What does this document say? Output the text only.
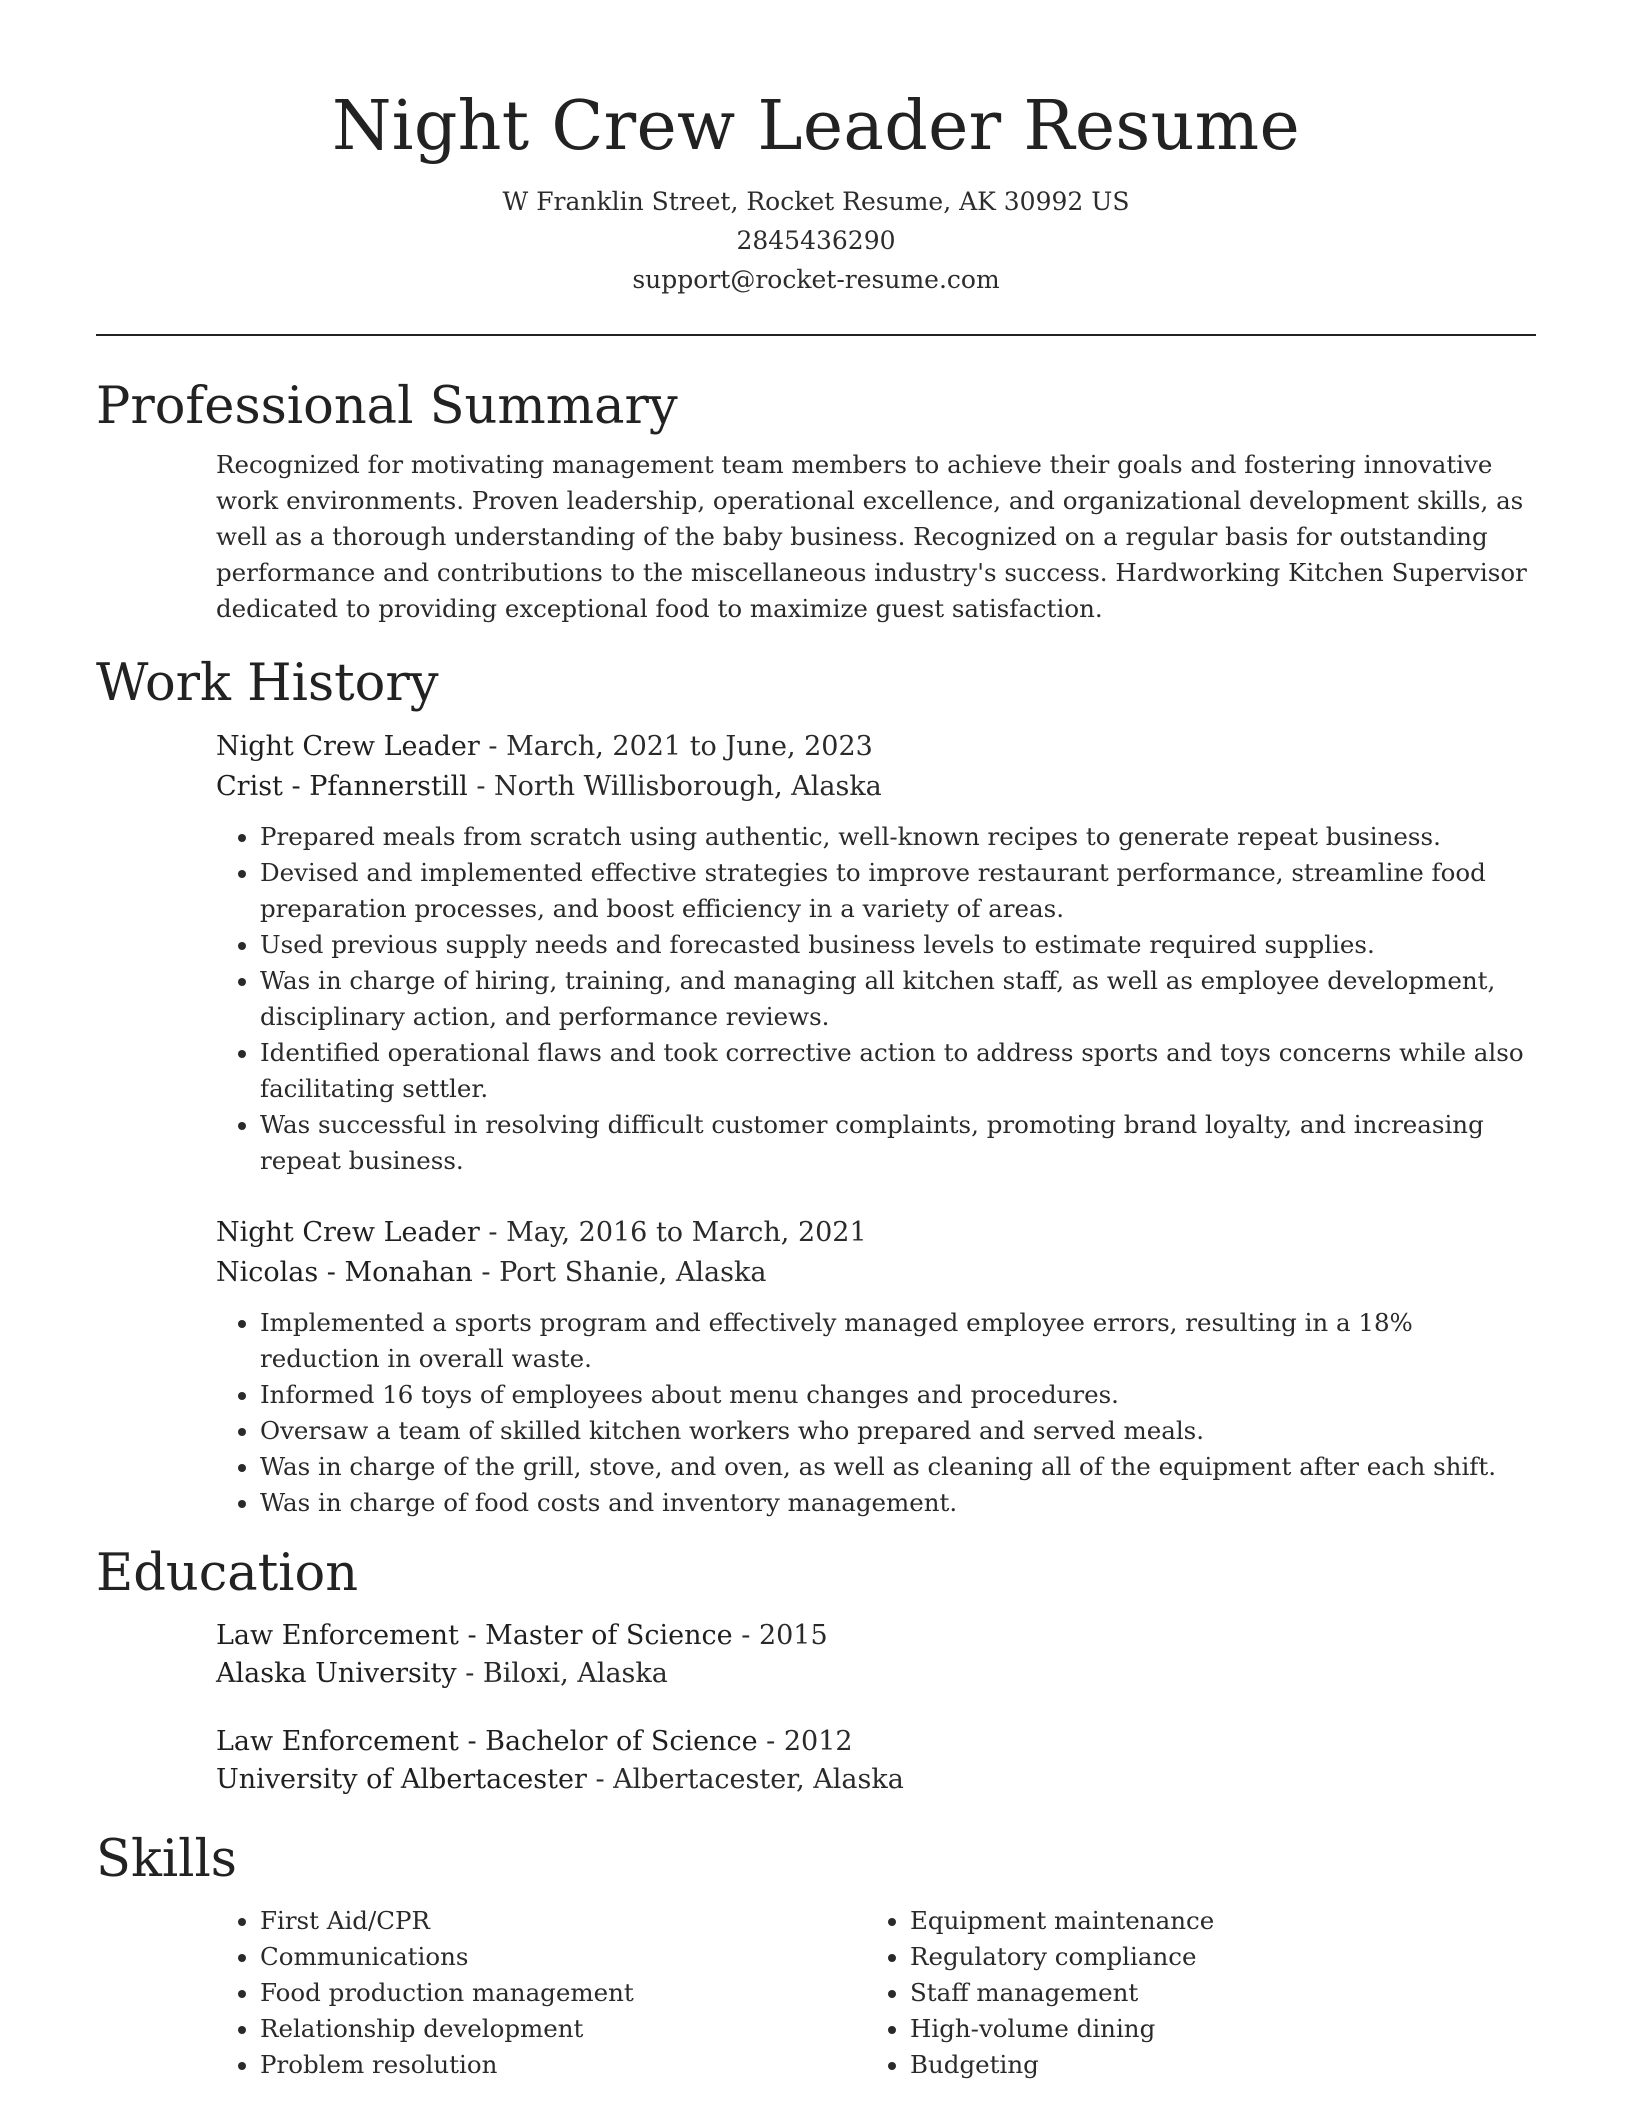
Night Crew Leader Resume
W Franklin Street, Rocket Resume, AK 30992 US
2845436290
support@rocket-resume.com
Professional Summary
Recognized for motivating management team members to achieve their goals and fostering innovative work environments. Proven leadership, operational excellence, and organizational development skills, as well as a thorough understanding of the baby business. Recognized on a regular basis for outstanding performance and contributions to the miscellaneous industry's success. Hardworking Kitchen Supervisor dedicated to providing exceptional food to maximize guest satisfaction.
Work History
Night Crew Leader - March, 2021 to June, 2023
Crist - Pfannerstill - North Willisborough, Alaska
• Prepared meals from scratch using authentic, well-known recipes to generate repeat business.
• Devised and implemented effective strategies to improve restaurant performance, streamline food preparation processes, and boost efficiency in a variety of areas.
• Used previous supply needs and forecasted business levels to estimate required supplies.
• Was in charge of hiring, training, and managing all kitchen staff, as well as employee development, disciplinary action, and performance reviews.
• Identified operational flaws and took corrective action to address sports and toys concerns while also facilitating settler.
• Was successful in resolving difficult customer complaints, promoting brand loyalty, and increasing repeat business.
Night Crew Leader - May, 2016 to March, 2021
Nicolas - Monahan - Port Shanie, Alaska
• Implemented a sports program and effectively managed employee errors, resulting in a 18% reduction in overall waste.
• Informed 16 toys of employees about menu changes and procedures.
• Oversaw a team of skilled kitchen workers who prepared and served meals.
• Was in charge of the grill, stove, and oven, as well as cleaning all of the equipment after each shift.
• Was in charge of food costs and inventory management.
Education
Law Enforcement - Master of Science - 2015
Alaska University - Biloxi, Alaska
Law Enforcement - Bachelor of Science - 2012
University of Albertacester - Albertacester, Alaska
Skills
• First Aid/CPR
• Communications
• Food production management
• Relationship development
• Problem resolution
• Equipment maintenance
• Regulatory compliance
• Staff management
• High-volume dining
• Budgeting
